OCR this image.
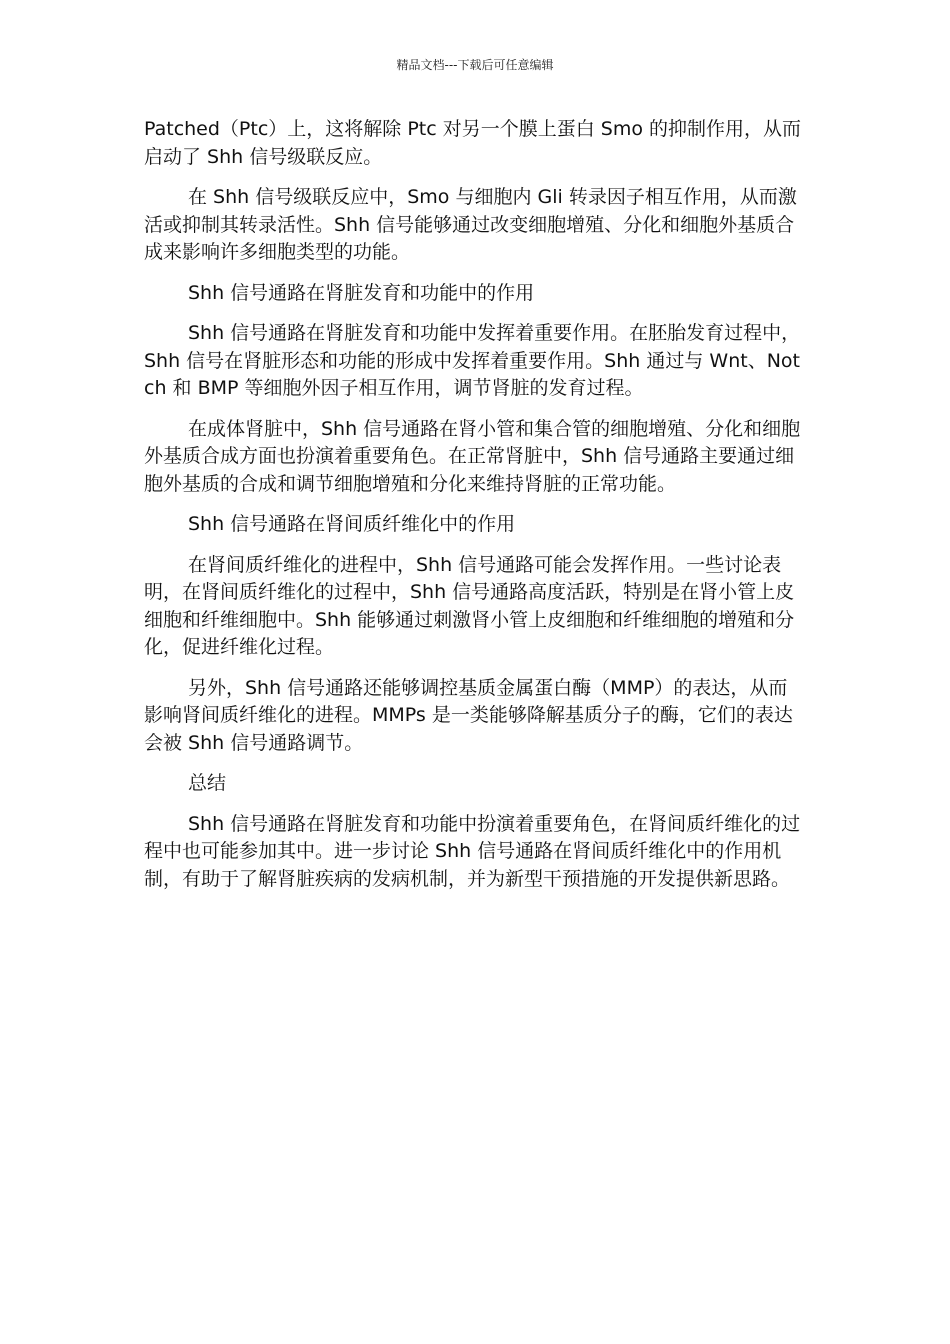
精品文档---下载后可任意编辑

Patched（Ptc）上，这将解除 Ptc 对另一个膜上蛋白 Smo 的抑制作用，从而启动了 Shh 信号级联反应。

在 Shh 信号级联反应中，Smo 与细胞内 Gli 转录因子相互作用，从而激活或抑制其转录活性。Shh 信号能够通过改变细胞增殖、分化和细胞外基质合成来影响许多细胞类型的功能。

Shh 信号通路在肾脏发育和功能中的作用

Shh 信号通路在肾脏发育和功能中发挥着重要作用。在胚胎发育过程中，Shh 信号在肾脏形态和功能的形成中发挥着重要作用。Shh 通过与 Wnt、Notch 和 BMP 等细胞外因子相互作用，调节肾脏的发育过程。

在成体肾脏中，Shh 信号通路在肾小管和集合管的细胞增殖、分化和细胞外基质合成方面也扮演着重要角色。在正常肾脏中，Shh 信号通路主要通过细胞外基质的合成和调节细胞增殖和分化来维持肾脏的正常功能。

Shh 信号通路在肾间质纤维化中的作用

在肾间质纤维化的进程中，Shh 信号通路可能会发挥作用。一些讨论表明，在肾间质纤维化的过程中，Shh 信号通路高度活跃，特别是在肾小管上皮细胞和纤维细胞中。Shh 能够通过刺激肾小管上皮细胞和纤维细胞的增殖和分化，促进纤维化过程。

另外，Shh 信号通路还能够调控基质金属蛋白酶（MMP）的表达，从而影响肾间质纤维化的进程。MMPs 是一类能够降解基质分子的酶，它们的表达会被 Shh 信号通路调节。

总结

Shh 信号通路在肾脏发育和功能中扮演着重要角色，在肾间质纤维化的过程中也可能参加其中。进一步讨论 Shh 信号通路在肾间质纤维化中的作用机制，有助于了解肾脏疾病的发病机制，并为新型干预措施的开发提供新思路。
